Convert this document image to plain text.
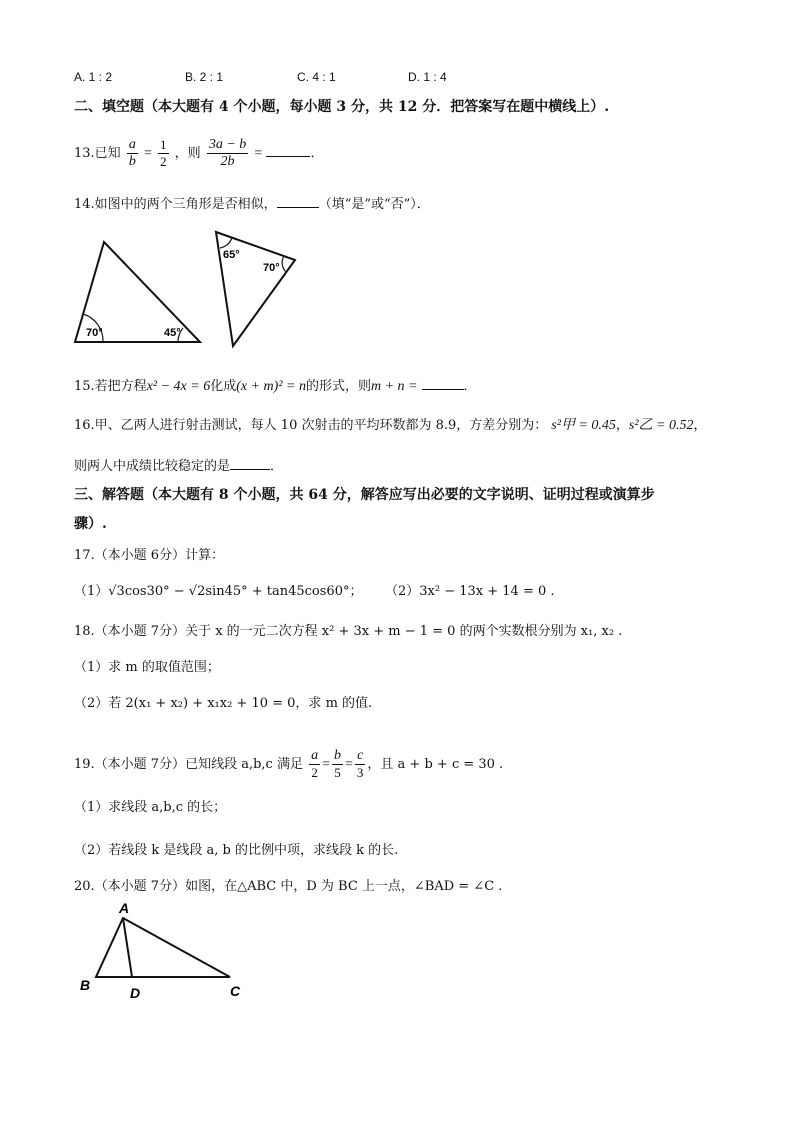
A. 1 : 2	B. 2 : 1	C. 4 : 1	D. 1 : 4
二、填空题（本大题有 4 个小题，每小题 3 分，共 12 分．把答案写在题中横线上）.
13.已知 $\frac{a}{b} = \frac{1}{2}$ ，则 $\frac{3a - b}{2b}$ =	．
14.如图中的两个三角形是否相似，	（填“是”或“否”）．
70°	45°
65°
70°
15.若把方程x² − 4x = 6化成(x + m)² = n的形式，则m + n =	．
16.甲、乙两人进行射击测试，每人 10 次射击的平均环数都为 8.9，方差分别为： s²甲 = 0.45，s²乙 = 0.52，
则两人中成绩比较稳定的是	．
三、解答题（本大题有 8 个小题，共 64 分，解答应写出必要的文字说明、证明过程或演算步
骤）.
17.（本小题 6分）计算：
（1）√3cos30° − √2sin45° + tan45cos60°； （2）3x² − 13x + 14 = 0 .
18.（本小题 7分）关于 x 的一元二次方程 x² + 3x + m − 1 = 0 的两个实数根分别为 x₁, x₂ .
（1）求 m 的取值范围；
（2）若 2(x₁ + x₂) + x₁x₂ + 10 = 0，求 m 的值.
19.（本小题 7分）已知线段 a,b,c 满足 $\frac{a}{2} = \frac{b}{5} = \frac{c}{3}$ ，且 a + b + c = 30 .
（1）求线段 a,b,c 的长；
（2）若线段 k 是线段 a, b 的比例中项，求线段 k 的长.
20.（本小题 7分）如图，在△ABC 中，D 为 BC 上一点，∠BAD = ∠C .
A
B	D	C
